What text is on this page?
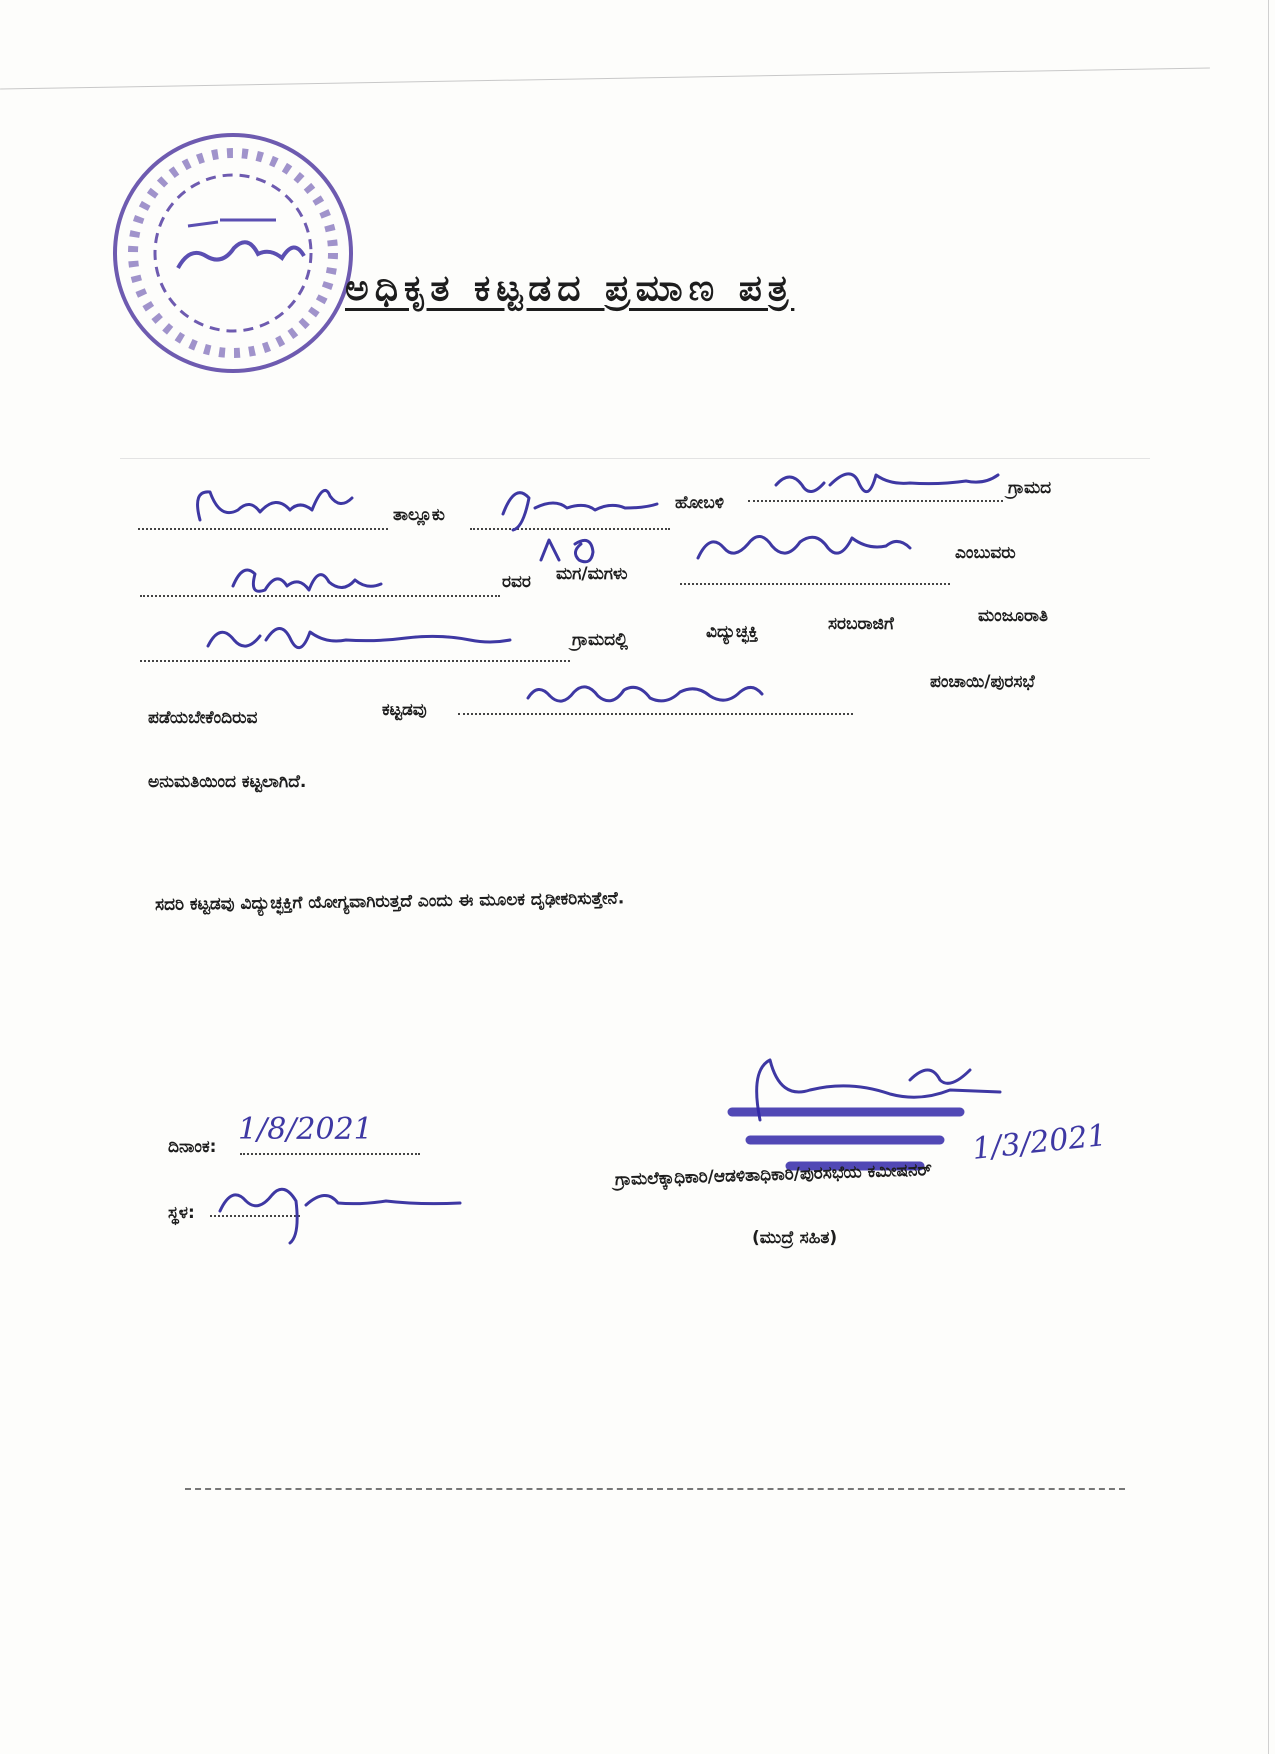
ಅಧಿಕೃತ ಕಟ್ಟಡದ ಪ್ರಮಾಣ ಪತ್ರ
ತಾಲ್ಲೂಕು
ಹೋಬಳಿ
ಗ್ರಾಮದ
ರವರ ಮಗ/ಮಗಳು
ಎಂಬುವರು
ಗ್ರಾಮದಲ್ಲಿ	ವಿದ್ಯುಚ್ಛಕ್ತಿ	ಸರಬರಾಜಿಗೆ	ಮಂಜೂರಾತಿ
ಪಡೆಯಬೇಕೆಂದಿರುವ	ಕಟ್ಟಡವು
ಪಂಚಾಯಿ/ಪುರಸಭೆ
ಅನುಮತಿಯಿಂದ ಕಟ್ಟಲಾಗಿದೆ.
ಸದರಿ ಕಟ್ಟಡವು ವಿದ್ಯುಚ್ಛಕ್ತಿಗೆ ಯೋಗ್ಯವಾಗಿರುತ್ತದೆ ಎಂದು ಈ ಮೂಲಕ ದೃಢೀಕರಿಸುತ್ತೇನೆ.
1/3/2021
ಗ್ರಾಮಲೆಕ್ಕಾಧಿಕಾರಿ/ಆಡಳಿತಾಧಿಕಾರಿ/ಪುರಸಭೆಯ ಕಮೀಷನರ್
(ಮುದ್ರೆ ಸಹಿತ)
ದಿನಾಂಕ: 1/8/2021
ಸ್ಥಳ:
